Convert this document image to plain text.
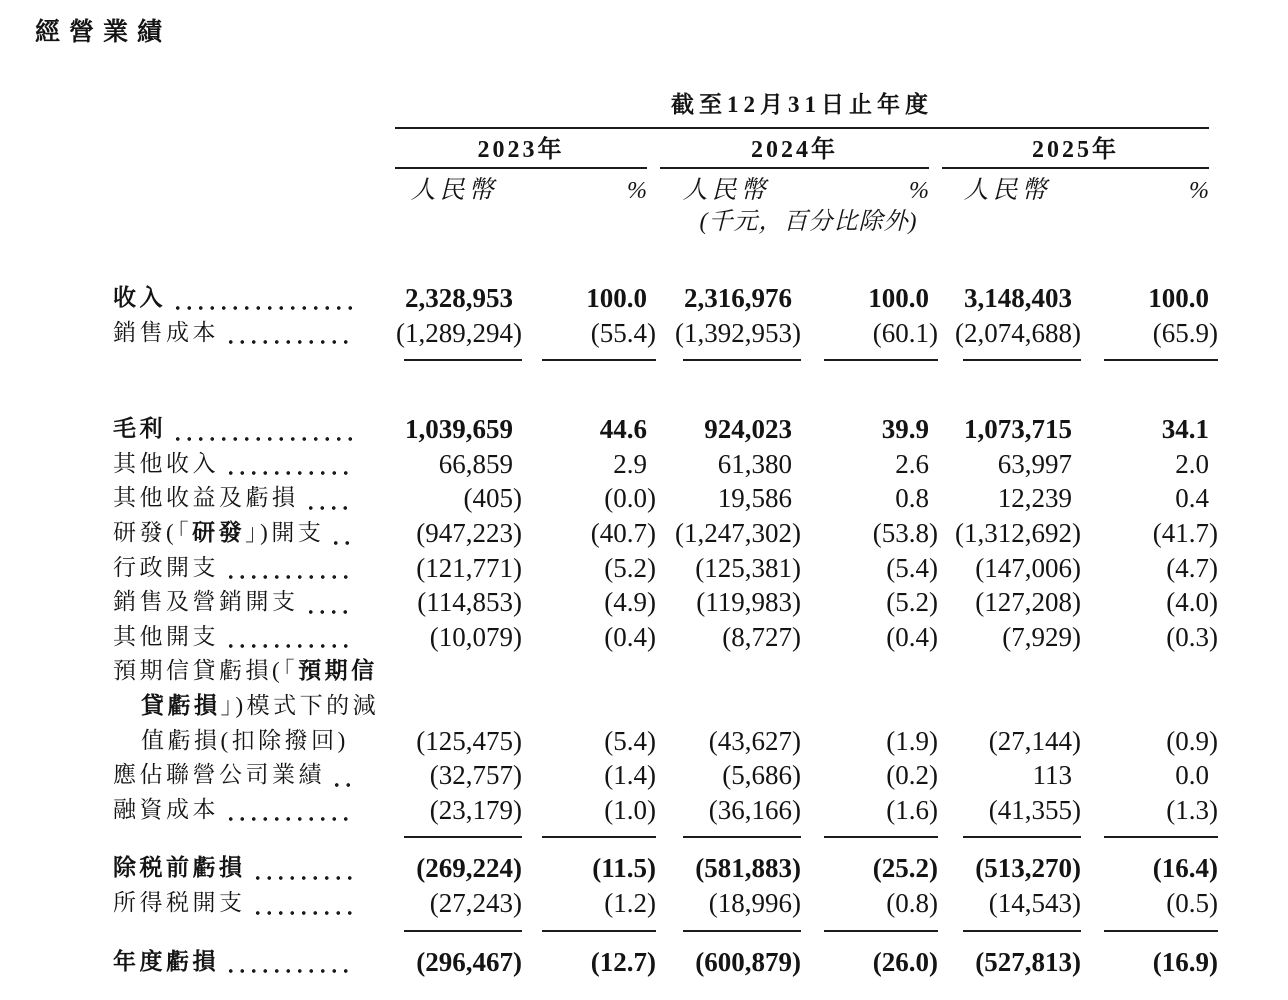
經營業績
截至12月31日止年度
2023年	2024年	2025年
人民幣	%	人民幣	%	人民幣	%
(千元，百分比除外)
收入	2,328,953	100.0	2,316,976	100.0	3,148,403	100.0
銷售成本	(1,289,294)	(55.4) (1,392,953)	(60.1) (2,074,688)	(65.9)
毛利	1,039,659	44.6	924,023	39.9	1,073,715	34.1
其他收入	66,859	2.9	61,380	2.6	63,997	2.0
其他收益及虧損	(405)	(0.0)	19,586	0.8	12,239	0.4
研發(「 研發 」)開支	(947,223)	(40.7) (1,247,302)	(53.8) (1,312,692)	(41.7)
行政開支	(121,771)	(5.2)	(125,381)	(5.4)	(147,006)	(4.7)
銷售及營銷開支	(114,853)	(4.9)	(119,983)	(5.2)	(127,208)	(4.0)
其他開支	(10,079)	(0.4)	(8,727)	(0.4)	(7,929)	(0.3)
預期信貸虧損(「 預期信
貸虧損 」)模式下的減
值虧損(扣除撥回)	(125,475)	(5.4)	(43,627)	(1.9)	(27,144)	(0.9)
應佔聯營公司業績	(32,757)	(1.4)	(5,686)	(0.2)	113	0.0
融資成本	(23,179)	(1.0)	(36,166)	(1.6)	(41,355)	(1.3)
除税前虧損	(269,224)	(11.5)	(581,883)	(25.2)	(513,270)	(16.4)
所得税開支	(27,243)	(1.2)	(18,996)	(0.8)	(14,543)	(0.5)
年度虧損	(296,467)	(12.7)	(600,879)	(26.0)	(527,813)	(16.9)
